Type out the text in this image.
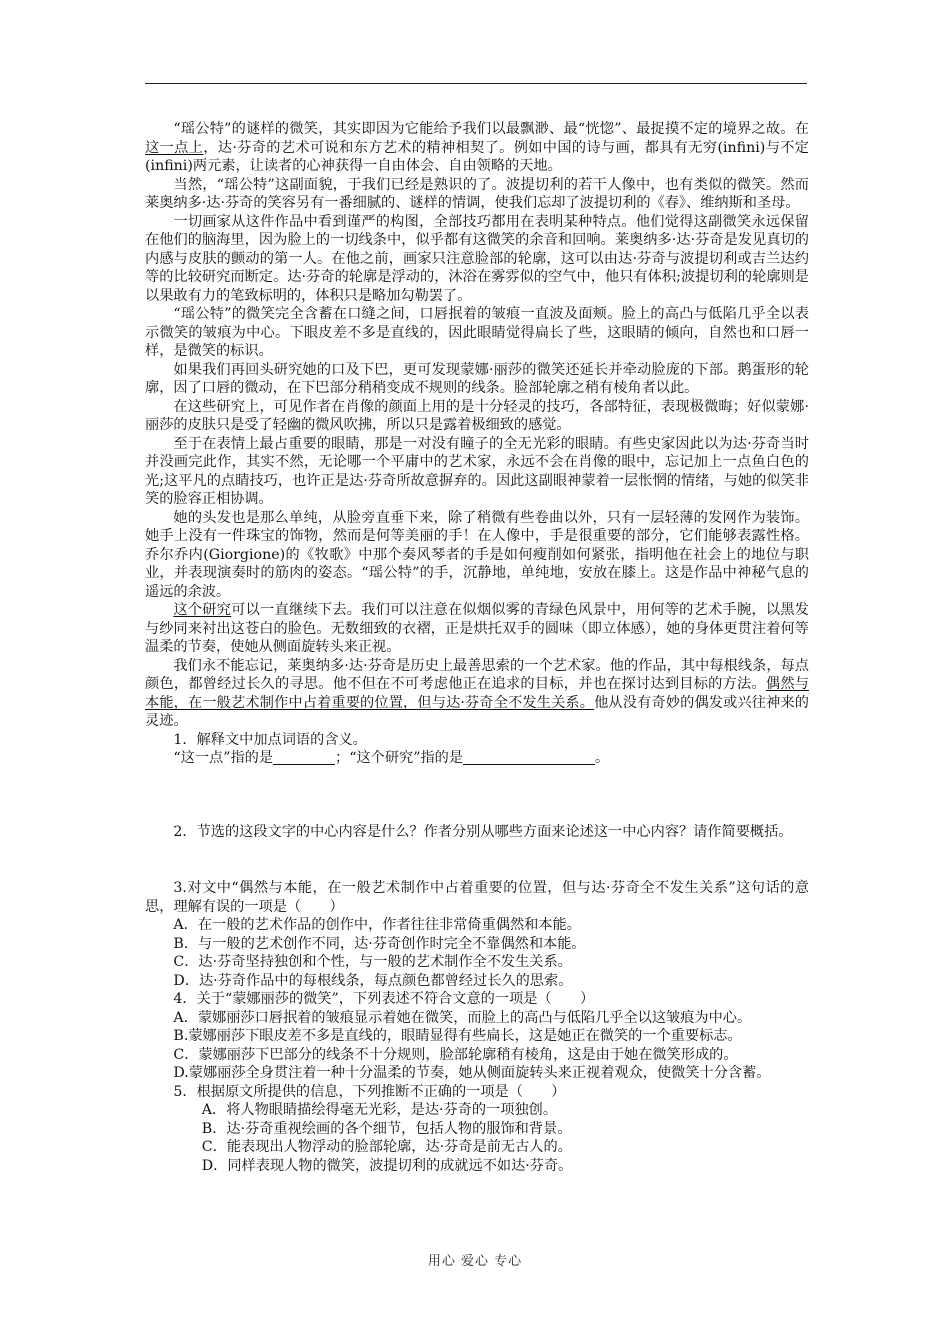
“瑶公特”的谜样的微笑，其实即因为它能给予我们以最飘渺、最“恍惚”、最捉摸不定的境界之故。在这一点上，达·芬奇的艺术可说和东方艺术的精神相契了。例如中国的诗与画，都具有无穷(infini)与不定(infini)两元素，让读者的心神获得一自由体会、自由领略的天地。

当然，“瑶公特”这副面貌，于我们已经是熟识的了。波提切利的若干人像中，也有类似的微笑。然而莱奥纳多·达·芬奇的笑容另有一番细腻的、谜样的情调，使我们忘却了波提切利的《春》、维纳斯和圣母。

一切画家从这件作品中看到谨严的构图，全部技巧都用在表明某种特点。他们觉得这副微笑永远保留在他们的脑海里，因为脸上的一切线条中，似乎都有这微笑的余音和回响。莱奥纳多·达·芬奇是发见真切的内感与皮肤的颤动的第一人。在他之前，画家只注意脸部的轮廓，这可以由达·芬奇与波提切利或吉兰达约等的比较研究而断定。达·芬奇的轮廓是浮动的，沐浴在雾雰似的空气中，他只有体积;波提切利的轮廓则是以果敢有力的笔致标明的，体积只是略加勾勒罢了。

“瑶公特”的微笑完全含蓄在口缝之间，口唇抿着的皱痕一直波及面颊。脸上的高凸与低陷几乎全以表示微笑的皱痕为中心。下眼皮差不多是直线的，因此眼睛觉得扁长了些，这眼睛的倾向，自然也和口唇一样，是微笑的标识。

如果我们再回头研究她的口及下巴，更可发现蒙娜·丽莎的微笑还延长并牵动脸庞的下部。鹅蛋形的轮廓，因了口唇的微动，在下巴部分稍稍变成不规则的线条。脸部轮廓之稍有棱角者以此。

在这些研究上，可见作者在肖像的颜面上用的是十分轻灵的技巧，各部特征，表现极微晦；好似蒙娜·丽莎的皮肤只是受了轻幽的微风吹拂，所以只是露着极细致的感觉。

至于在表情上最占重要的眼睛，那是一对没有瞳子的全无光彩的眼睛。有些史家因此以为达·芬奇当时并没画完此作，其实不然，无论哪一个平庸中的艺术家，永远不会在肖像的眼中，忘记加上一点鱼白色的光;这平凡的点睛技巧，也许正是达·芬奇所故意摒弃的。因此这副眼神蒙着一层怅惘的情绪，与她的似笑非笑的脸容正相协调。

她的头发也是那么单纯，从脸旁直垂下来，除了稍微有些卷曲以外，只有一层轻薄的发网作为装饰。她手上没有一件珠宝的饰物，然而是何等美丽的手！在人像中，手是很重要的部分，它们能够表露性格。乔尔乔内(Giorgione)的《牧歌》中那个奏风琴者的手是如何瘦削如何紧张，指明他在社会上的地位与职业，并表现演奏时的筋肉的姿态。“瑶公特”的手，沉静地，单纯地，安放在膝上。这是作品中神秘气息的遥远的余波。

这个研究可以一直继续下去。我们可以注意在似烟似雾的青绿色风景中，用何等的艺术手腕，以黑发与纱同来衬出这苍白的脸色。无数细致的衣褶，正是烘托双手的圆味（即立体感），她的身体更贯注着何等温柔的节奏，使她从侧面旋转头来正视。

我们永不能忘记，莱奥纳多·达·芬奇是历史上最善思索的一个艺术家。他的作品，其中每根线条，每点颜色，都曾经过长久的寻思。他不但在不可考虑他正在追求的目标，并也在探讨达到目标的方法。偶然与本能，在一般艺术制作中占着重要的位置，但与达·芬奇全不发生关系。他从没有奇妙的偶发或兴往神来的灵迹。

1．解释文中加点词语的含义。

“这一点”指的是	；“这个研究”指的是	。

2．节选的这段文字的中心内容是什么？作者分别从哪些方面来论述这一中心内容？请作简要概括。

3.对文中“偶然与本能，在一般艺术制作中占着重要的位置，但与达·芬奇全不发生关系”这句话的意思，理解有误的一项是（　　）

A．在一般的艺术作品的创作中，作者往往非常倚重偶然和本能。

B．与一般的艺术创作不同，达·芬奇创作时完全不靠偶然和本能。

C．达·芬奇坚持独创和个性，与一般的艺术制作全不发生关系。

D．达·芬奇作品中的每根线条，每点颜色都曾经过长久的思索。

4．关于“蒙娜丽莎的微笑”，下列表述不符合文意的一项是（　　）

A．蒙娜丽莎口唇抿着的皱痕显示着她在微笑，而脸上的高凸与低陷几乎全以这皱痕为中心。

B.蒙娜丽莎下眼皮差不多是直线的，眼睛显得有些扁长，这是她正在微笑的一个重要标志。

C．蒙娜丽莎下巴部分的线条不十分规则，脸部轮廓稍有棱角，这是由于她在微笑形成的。

D.蒙娜丽莎全身贯注着一种十分温柔的节奏，她从侧面旋转头来正视着观众，使微笑十分含蓄。

5．根据原文所提供的信息，下列推断不正确的一项是（　　）

A．将人物眼睛描绘得毫无光彩，是达·芬奇的一项独创。

B．达·芬奇重视绘画的各个细节，包括人物的服饰和背景。

C．能表现出人物浮动的脸部轮廓，达·芬奇是前无古人的。

D．同样表现人物的微笑，波提切利的成就远不如达·芬奇。

用心 爱心 专心
